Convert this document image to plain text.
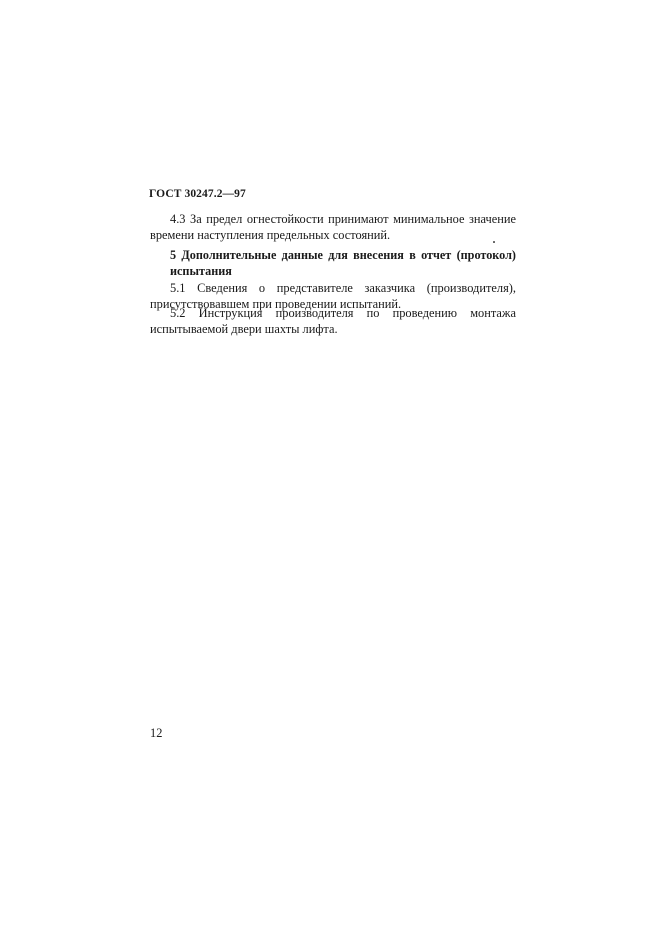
ГОСТ 30247.2—97
4.3 За предел огнестойкости принимают минимальное значение времени наступления предельных состояний.
5 Дополнительные данные для внесения в отчет (протокол) испытания
5.1 Сведения о представителе заказчика (производителя), присутствовавшем при проведении испытаний.
5.2 Инструкция производителя по проведению монтажа испытываемой двери шахты лифта.
12
